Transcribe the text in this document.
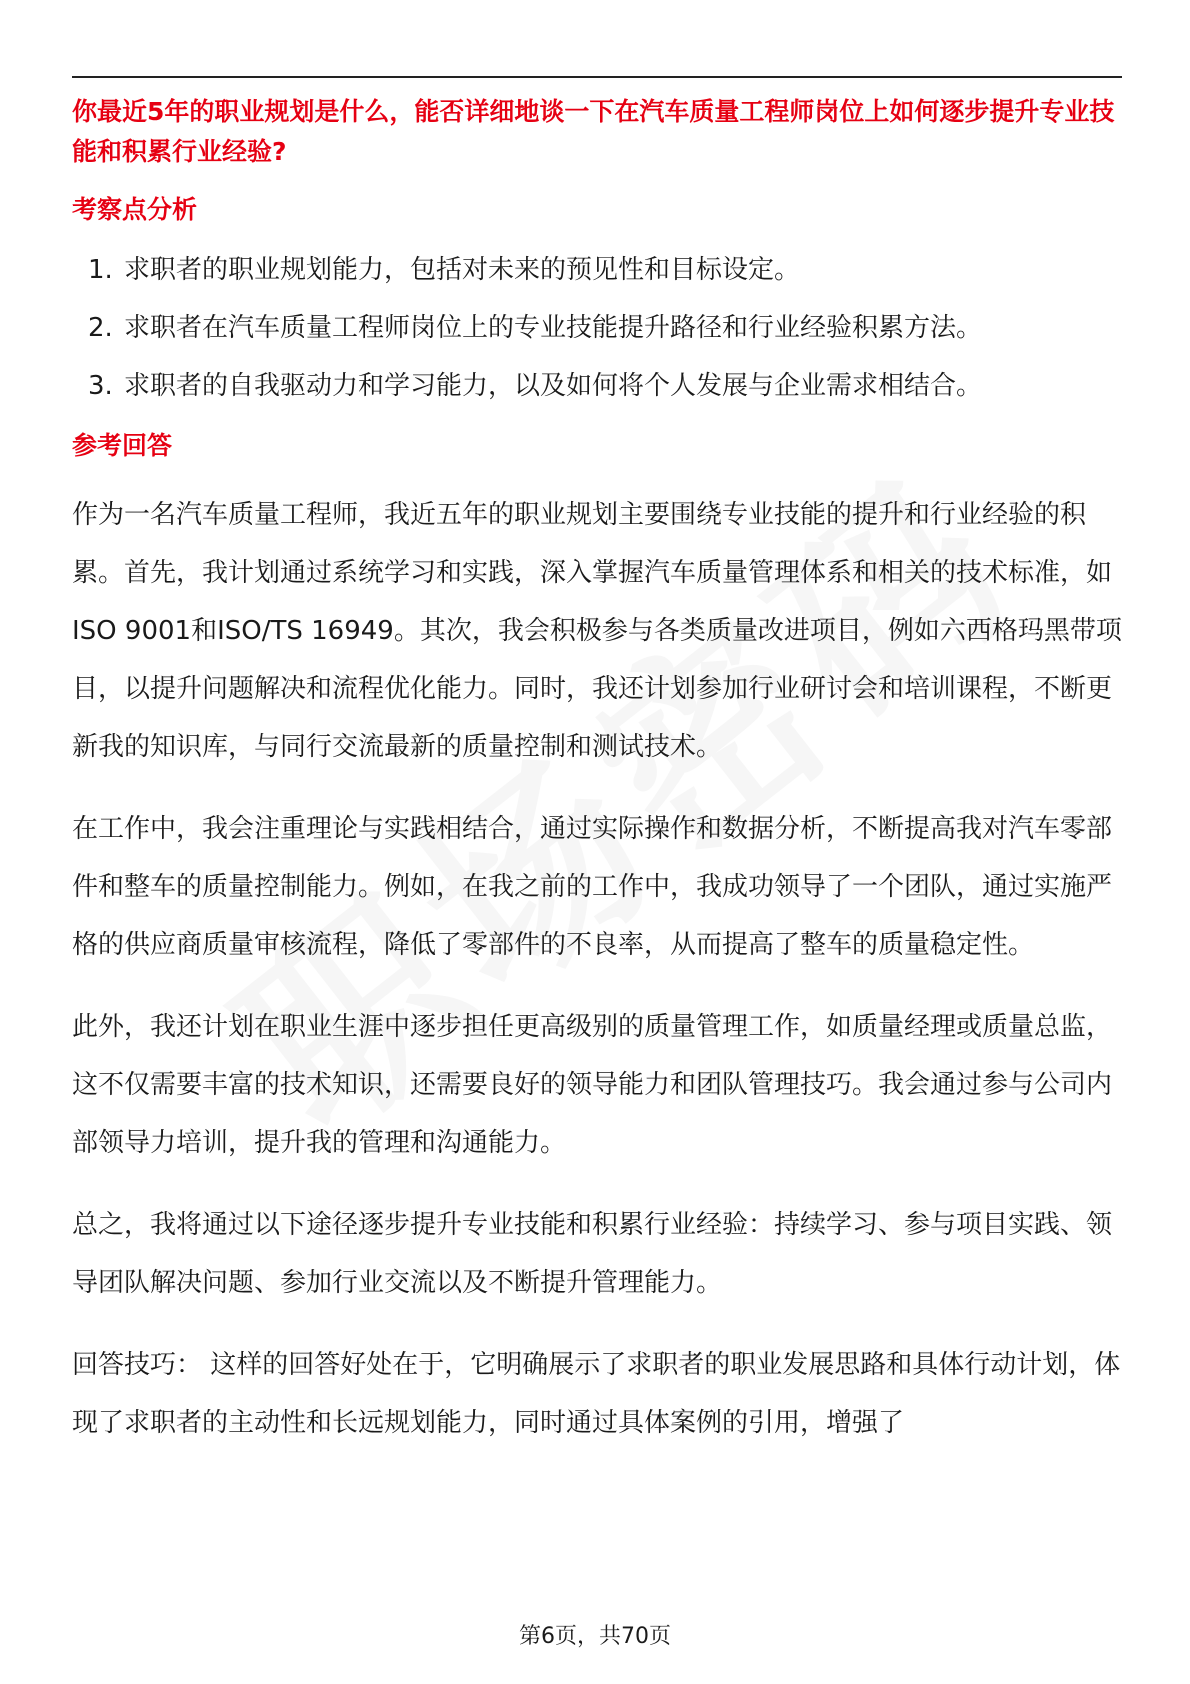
你最近5年的职业规划是什么，能否详细地谈一下在汽车质量工程师岗位上如何逐步提升专业技能和积累行业经验?

考察点分析
1. 求职者的职业规划能力，包括对未来的预见性和目标设定。
2. 求职者在汽车质量工程师岗位上的专业技能提升路径和行业经验积累方法。
3. 求职者的自我驱动力和学习能力，以及如何将个人发展与企业需求相结合。
参考回答

作为一名汽车质量工程师，我近五年的职业规划主要围绕专业技能的提升和行业经验的积累。首先，我计划通过系统学习和实践，深入掌握汽车质量管理体系和相关的技术标准，如ISO 9001和ISO/TS 16949。其次，我会积极参与各类质量改进项目，例如六西格玛黑带项目，以提升问题解决和流程优化能力。同时，我还计划参加行业研讨会和培训课程，不断更新我的知识库，与同行交流最新的质量控制和测试技术。

在工作中，我会注重理论与实践相结合，通过实际操作和数据分析，不断提高我对汽车零部件和整车的质量控制能力。例如，在我之前的工作中，我成功领导了一个团队，通过实施严格的供应商质量审核流程，降低了零部件的不良率，从而提高了整车的质量稳定性。

此外，我还计划在职业生涯中逐步担任更高级别的质量管理工作，如质量经理或质量总监，这不仅需要丰富的技术知识，还需要良好的领导能力和团队管理技巧。我会通过参与公司内部领导力培训，提升我的管理和沟通能力。

总之，我将通过以下途径逐步提升专业技能和积累行业经验：持续学习、参与项目实践、领导团队解决问题、参加行业交流以及不断提升管理能力。

回答技巧： 这样的回答好处在于，它明确展示了求职者的职业发展思路和具体行动计划，体现了求职者的主动性和长远规划能力，同时通过具体案例的引用，增强了

第6页，共70页
